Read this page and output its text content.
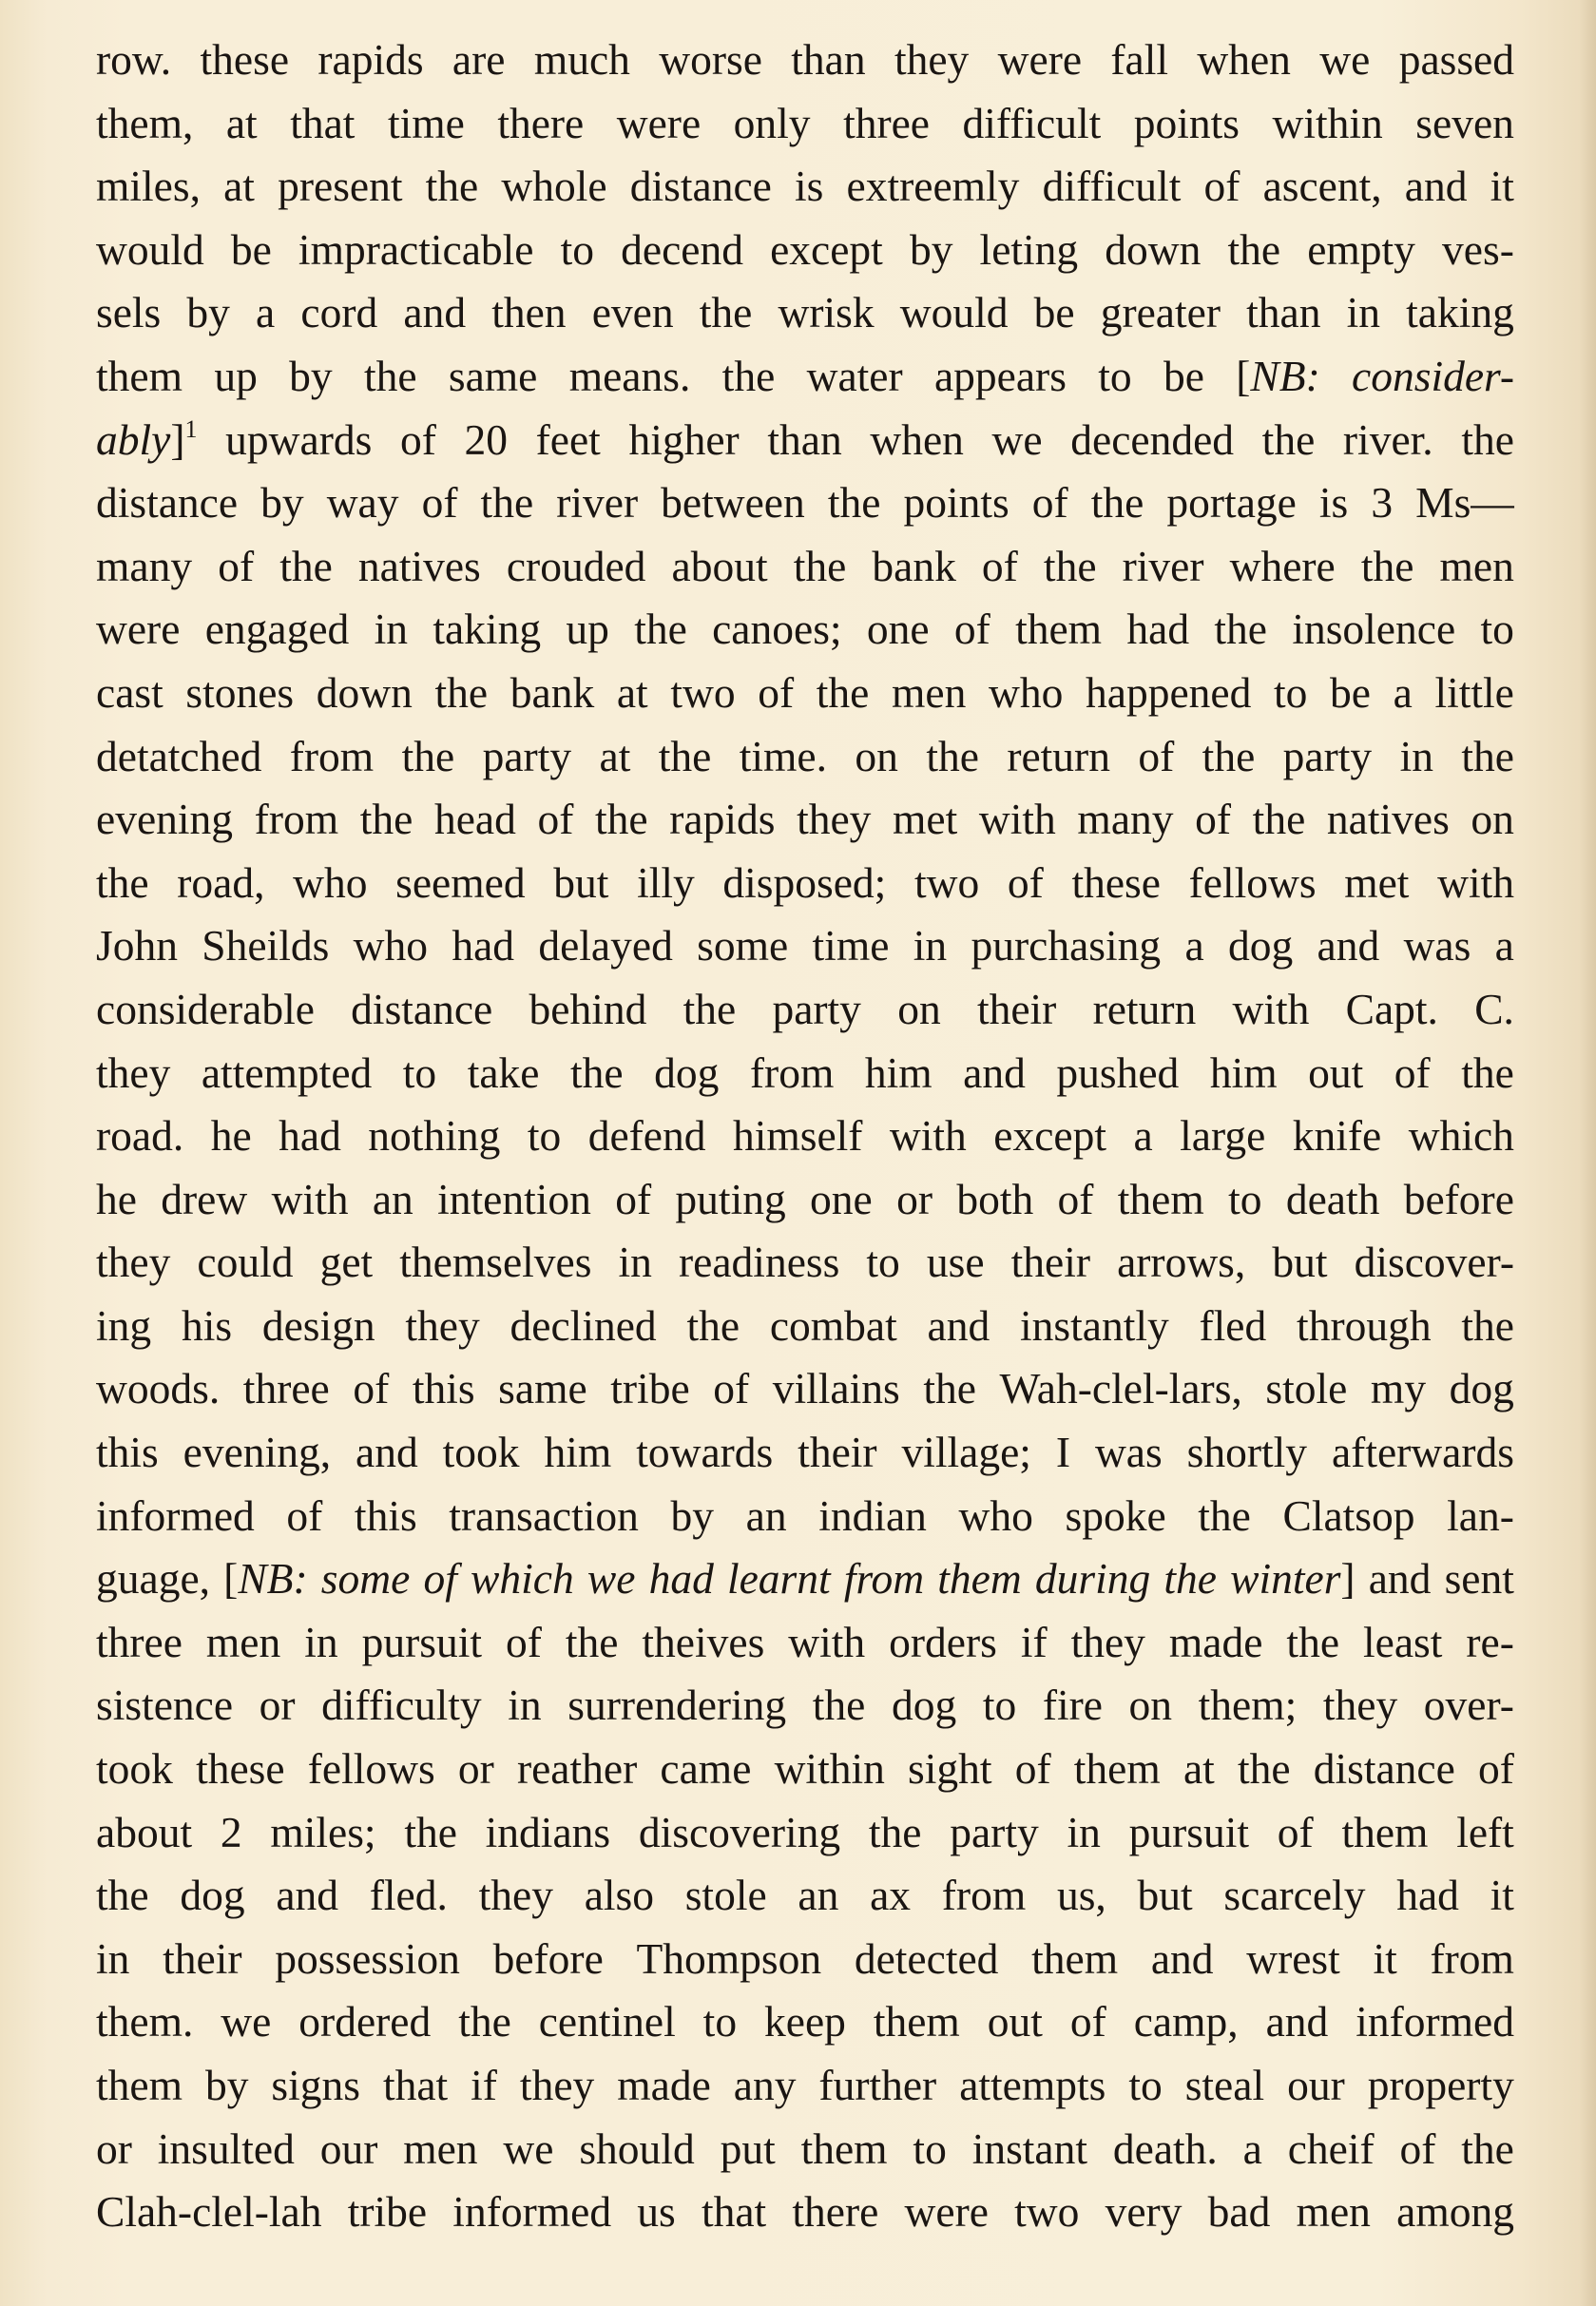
row. these rapids are much worse than they were fall when we passed
them, at that time there were only three difficult points within seven
miles, at present the whole distance is extreemly difficult of ascent, and it
would be impracticable to decend except by leting down the empty ves-
sels by a cord and then even the wrisk would be greater than in taking
them up by the same means. the water appears to be [NB: consider-
ably]$^1$ upwards of 20 feet higher than when we decended the river. the
distance by way of the river between the points of the portage is 3 Ms—
many of the natives crouded about the bank of the river where the men
were engaged in taking up the canoes; one of them had the insolence to
cast stones down the bank at two of the men who happened to be a little
detatched from the party at the time. on the return of the party in the
evening from the head of the rapids they met with many of the natives on
the road, who seemed but illy disposed; two of these fellows met with
John Sheilds who had delayed some time in purchasing a dog and was a
considerable distance behind the party on their return with Capt. C.
they attempted to take the dog from him and pushed him out of the
road. he had nothing to defend himself with except a large knife which
he drew with an intention of puting one or both of them to death before
they could get themselves in readiness to use their arrows, but discover-
ing his design they declined the combat and instantly fled through the
woods. three of this same tribe of villains the Wah-clel-lars, stole my dog
this evening, and took him towards their village; I was shortly afterwards
informed of this transaction by an indian who spoke the Clatsop lan-
guage, [NB: some of which we had learnt from them during the winter] and sent
three men in pursuit of the theives with orders if they made the least re-
sistence or difficulty in surrendering the dog to fire on them; they over-
took these fellows or reather came within sight of them at the distance of
about 2 miles; the indians discovering the party in pursuit of them left
the dog and fled. they also stole an ax from us, but scarcely had it
in their possession before Thompson detected them and wrest it from
them. we ordered the centinel to keep them out of camp, and informed
them by signs that if they made any further attempts to steal our property
or insulted our men we should put them to instant death. a cheif of the
Clah-clel-lah tribe informed us that there were two very bad men among
